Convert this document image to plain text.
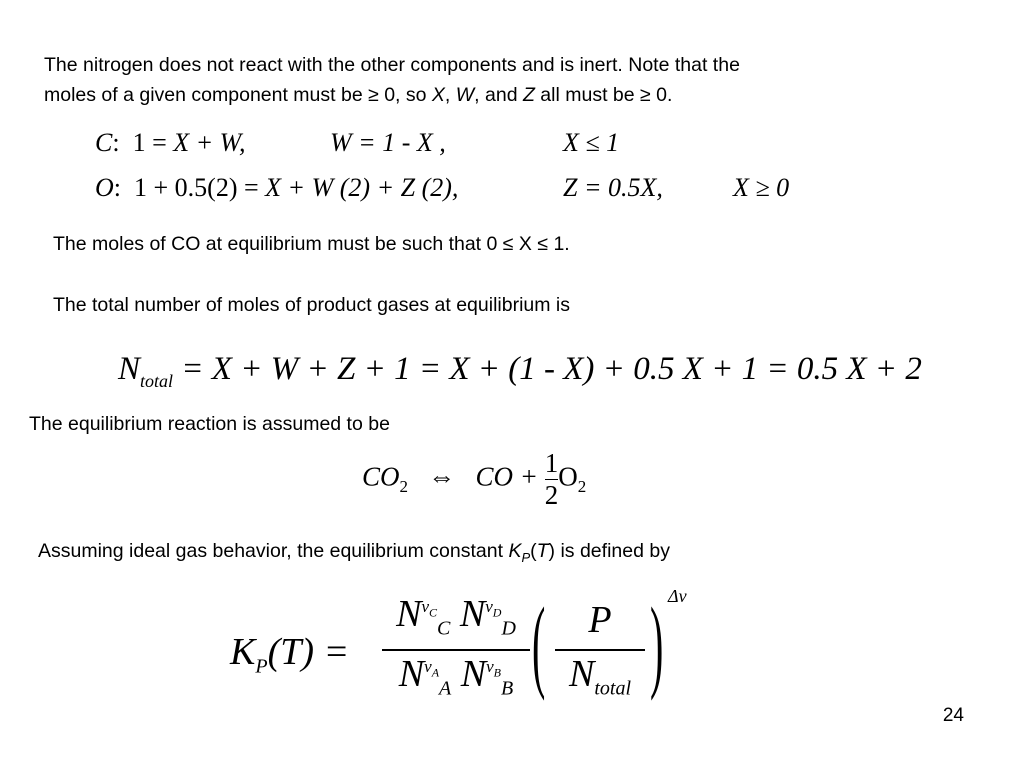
The nitrogen does not react with the other components and is inert. Note that the
moles of a given component must be ≥ 0, so X, W, and Z all must be ≥ 0.
C:  1 = X + W,	W = 1 - X ,	X ≤ 1
O:  1 + 0.5(2) = X + W (2) + Z (2),	Z = 0.5X,	X ≥ 0
The moles of CO at equilibrium must be such that 0 ≤ X ≤ 1.
The total number of moles of product gases at equilibrium is
$N_{total} = X + W + Z + 1 = X + (1 - X) + 0.5$ X + 1 = 0.5 X + 2
The equilibrium reaction is assumed to be
$CO_2$ ⇔ CO + $\frac{1}{2} O_2$
Assuming ideal gas behavior, the equilibrium constant $K_P(T)$ is defined by
$K_P(T)$ =
$N^{\nu_C}_C$ $N^{\nu_D}_D$
$N^{\nu_A}_A$ $N^{\nu_B}_B$ (	P
$N_{total}$ ) Δν
24
